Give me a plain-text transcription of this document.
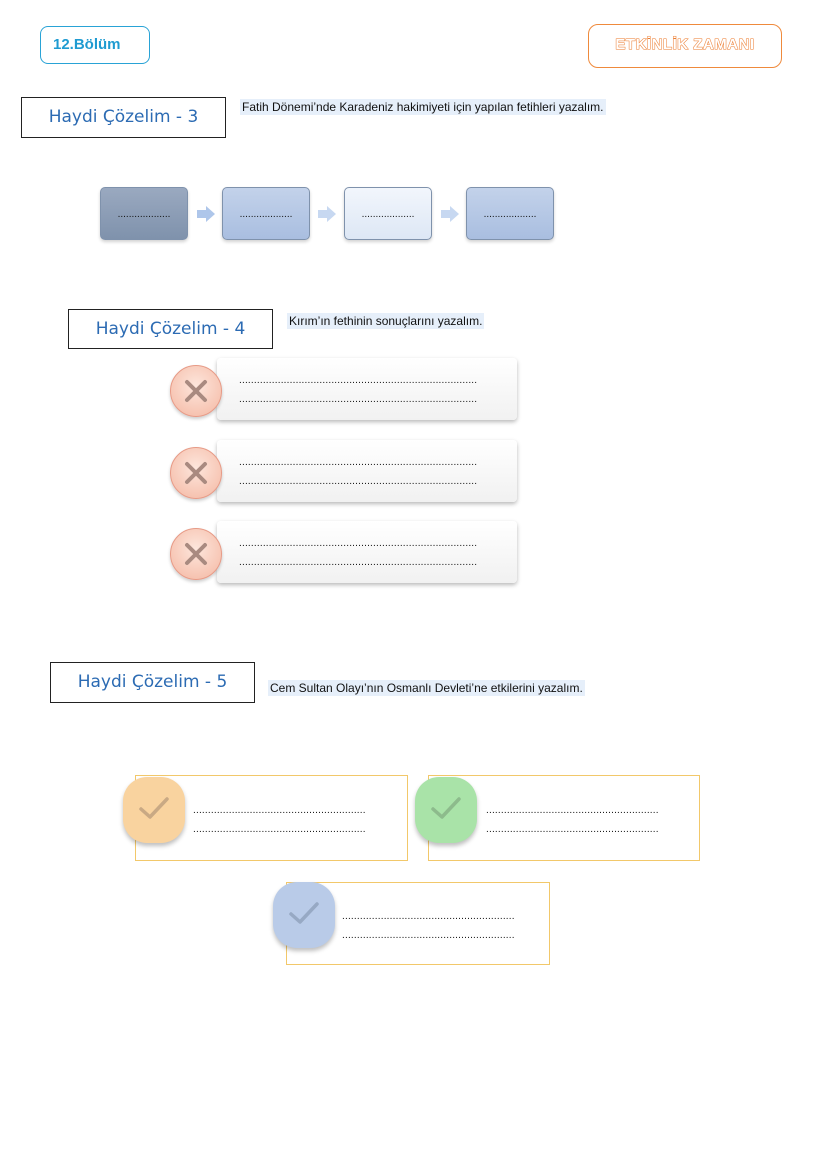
12.Bölüm	ETKİNLİK ZAMANI
Haydi Çözelim - 3	Fatih Dönemi’nde Karadeniz hakimiyeti için yapılan fetihleri yazalım.
...................	...................	...................	...................
Haydi Çözelim - 4	Kırım’ın fethinin sonuçlarını yazalım.
................................................................................
................................................................................
................................................................................
................................................................................
................................................................................
................................................................................
Haydi Çözelim - 5	Cem Sultan Olayı’nın Osmanlı Devleti’ne etkilerini yazalım.
..........................................................
..........................................................
..........................................................
..........................................................
..........................................................
..........................................................
